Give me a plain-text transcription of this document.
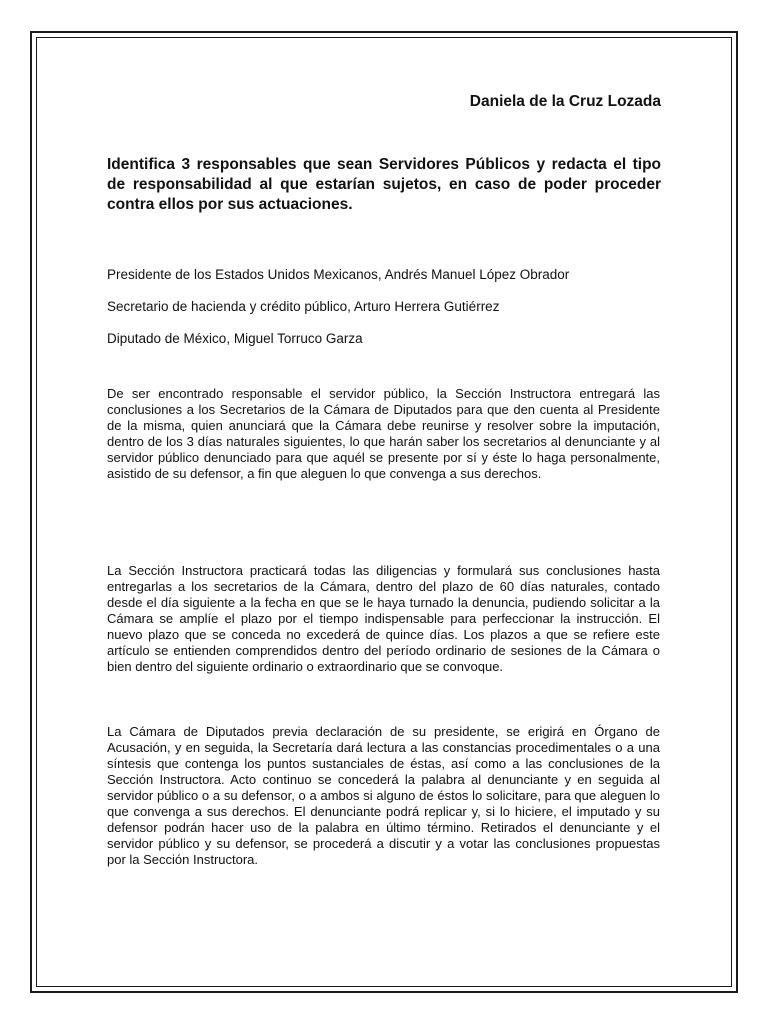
Daniela de la Cruz Lozada
Identifica 3 responsables que sean Servidores Públicos y redacta el tipo de responsabilidad al que estarían sujetos, en caso de poder proceder contra ellos por sus actuaciones.
Presidente de los Estados Unidos Mexicanos, Andrés Manuel López Obrador
Secretario de hacienda y crédito público, Arturo Herrera Gutiérrez
Diputado de México, Miguel Torruco Garza

De ser encontrado responsable el servidor público, la Sección Instructora entregará las conclusiones a los Secretarios de la Cámara de Diputados para que den cuenta al Presidente de la misma, quien anunciará que la Cámara debe reunirse y resolver sobre la imputación, dentro de los 3 días naturales siguientes, lo que harán saber los secretarios al denunciante y al servidor público denunciado para que aquél se presente por sí y éste lo haga personalmente, asistido de su defensor, a fin que aleguen lo que convenga a sus derechos.

La Sección Instructora practicará todas las diligencias y formulará sus conclusiones hasta entregarlas a los secretarios de la Cámara, dentro del plazo de 60 días naturales, contado desde el día siguiente a la fecha en que se le haya turnado la denuncia, pudiendo solicitar a la Cámara se amplíe el plazo por el tiempo indispensable para perfeccionar la instrucción. El nuevo plazo que se conceda no excederá de quince días. Los plazos a que se refiere este artículo se entienden comprendidos dentro del período ordinario de sesiones de la Cámara o bien dentro del siguiente ordinario o extraordinario que se convoque.

La Cámara de Diputados previa declaración de su presidente, se erigirá en Órgano de Acusación, y en seguida, la Secretaría dará lectura a las constancias procedimentales o a una síntesis que contenga los puntos sustanciales de éstas, así como a las conclusiones de la Sección Instructora. Acto continuo se concederá la palabra al denunciante y en seguida al servidor público o a su defensor, o a ambos si alguno de éstos lo solicitare, para que aleguen lo que convenga a sus derechos. El denunciante podrá replicar y, si lo hiciere, el imputado y su defensor podrán hacer uso de la palabra en último término. Retirados el denunciante y el servidor público y su defensor, se procederá a discutir y a votar las conclusiones propuestas por la Sección Instructora.
